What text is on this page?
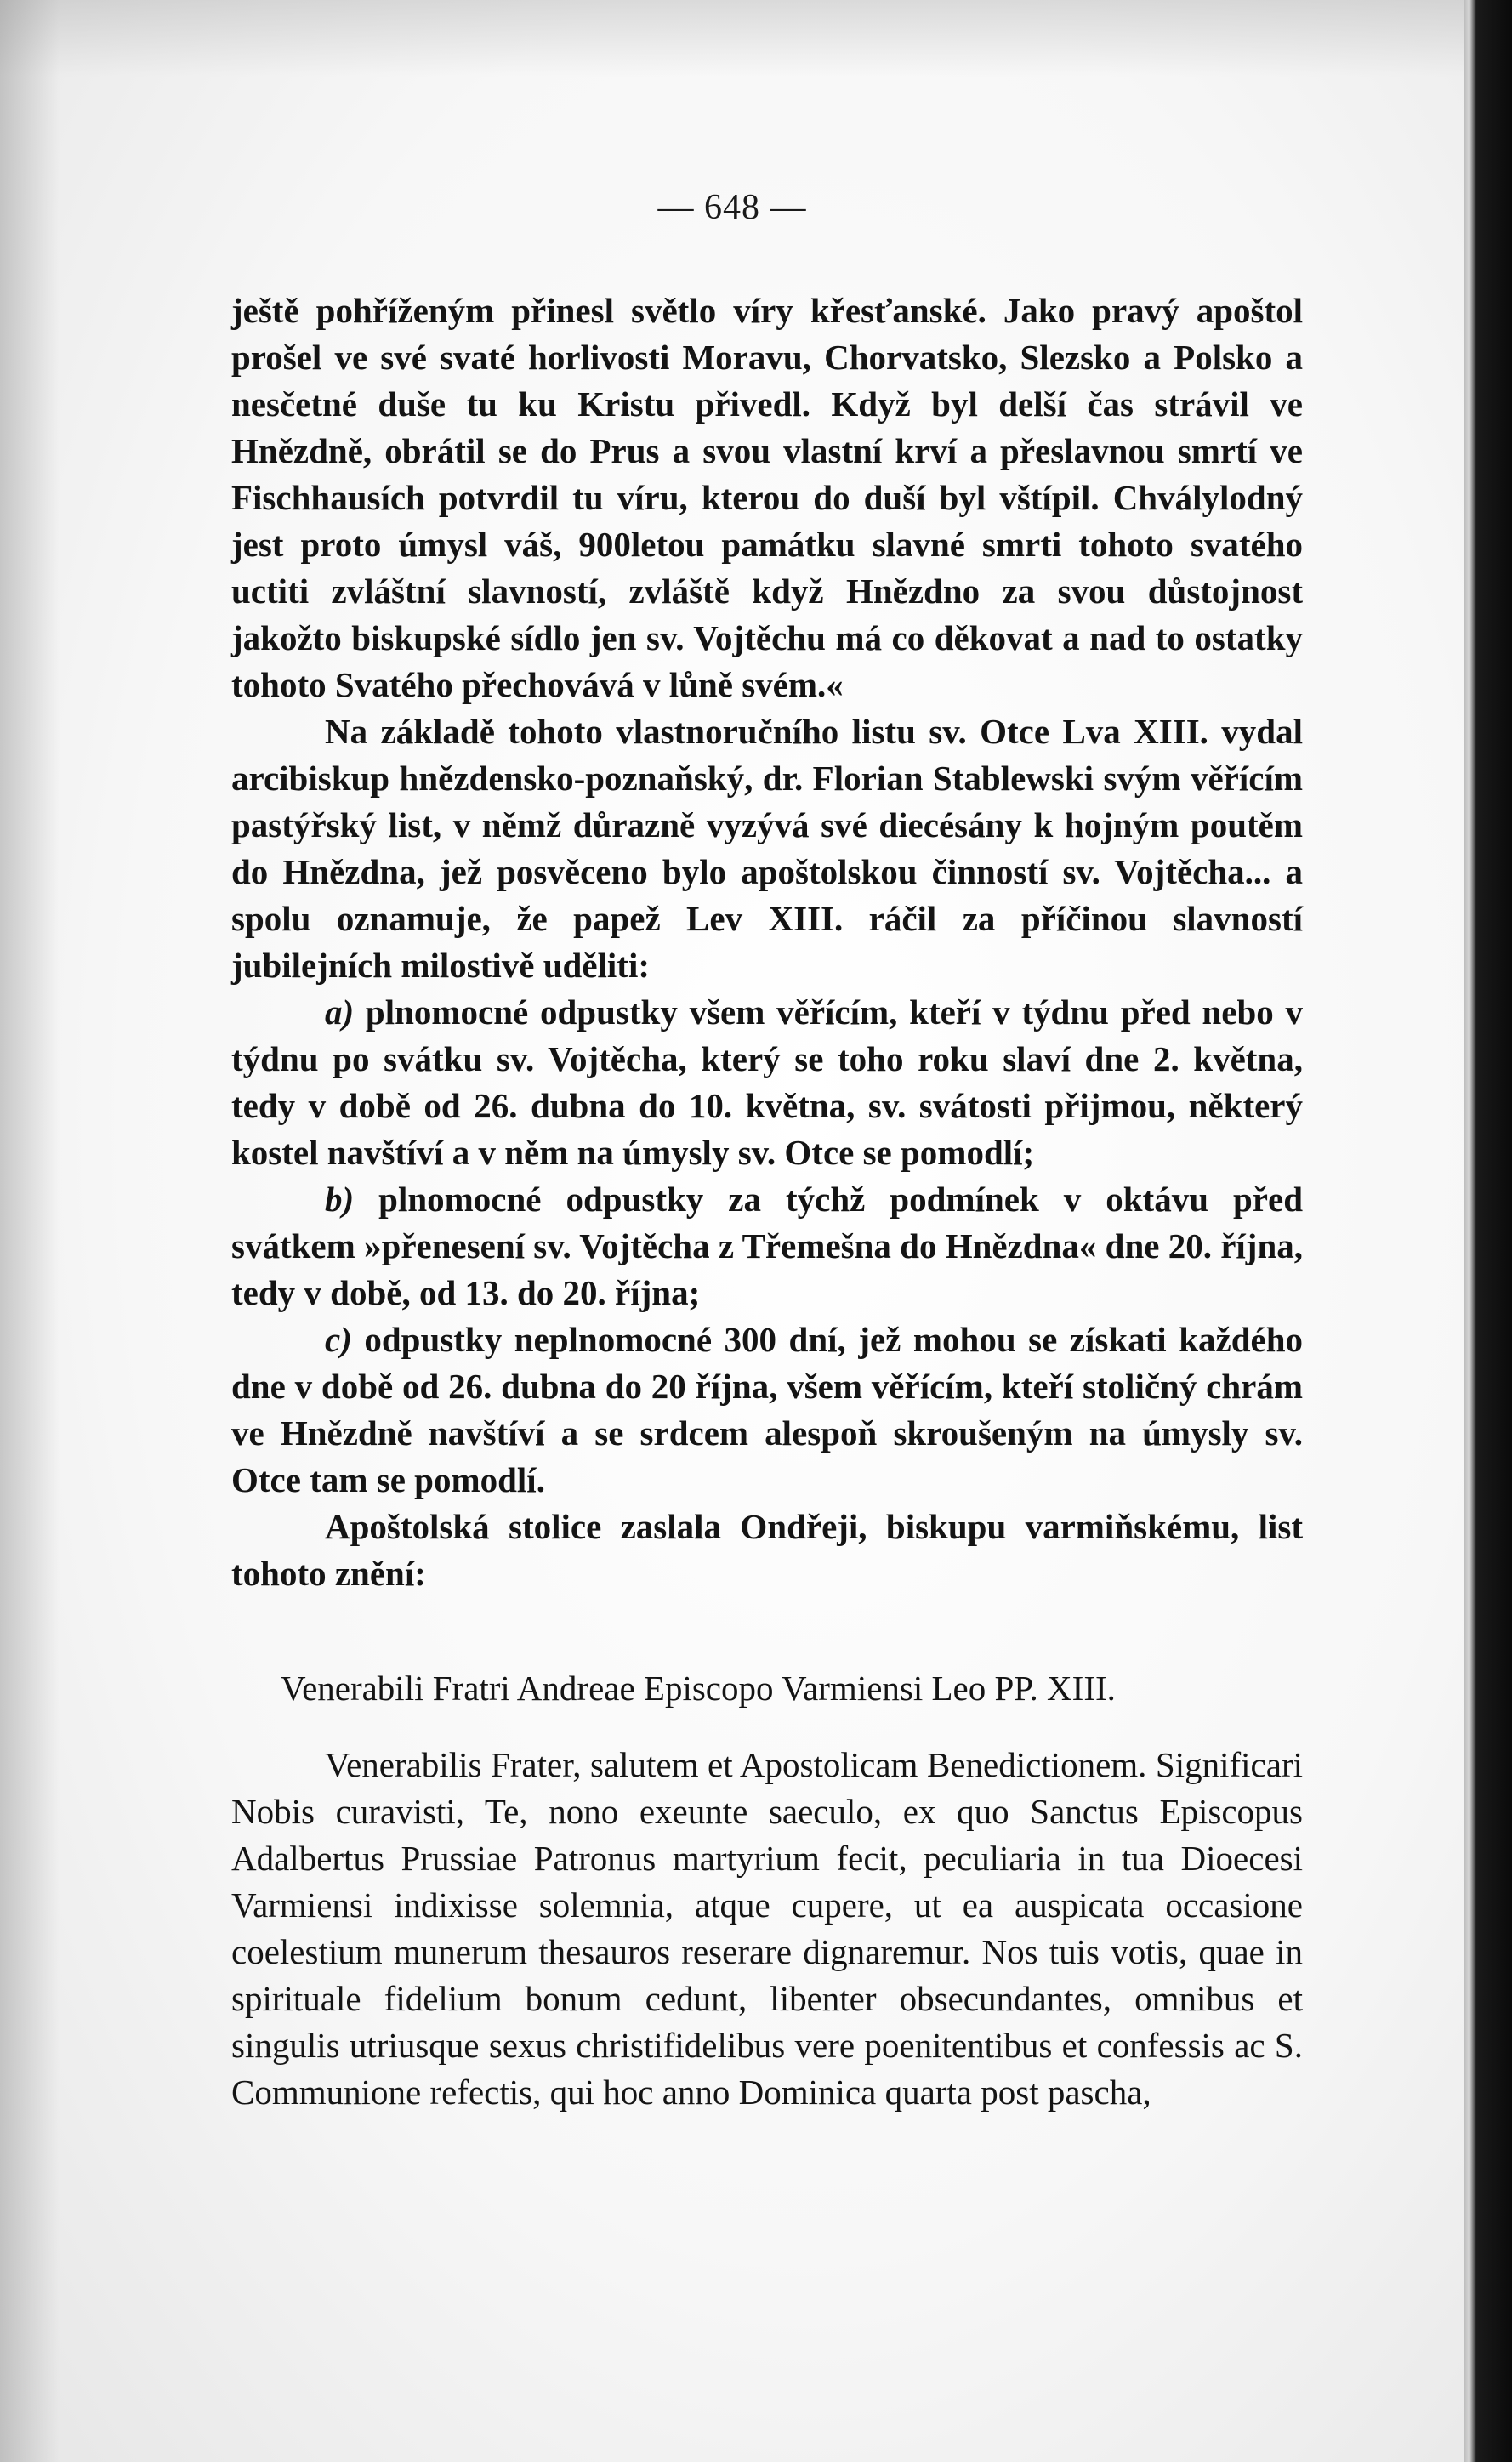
— 648 —

ještě pohříženým přinesl světlo víry křesťanské. Jako pravý apoštol prošel ve své svaté horlivosti Moravu, Chorvatsko, Slezsko a Polsko a nesčetné duše tu ku Kristu přivedl. Když byl delší čas strávil ve Hnězdně, obrátil se do Prus a svou vlastní krví a přeslavnou smrtí ve Fischhausích potvrdil tu víru, kterou do duší byl vštípil. Chválylodný jest proto úmysl váš, 900letou památku slavné smrti tohoto svatého uctiti zvláštní slavností, zvláště když Hnězdno za svou důstojnost jakožto biskupské sídlo jen sv. Vojtěchu má co děkovat a nad to ostatky tohoto Svatého přechovává v lůně svém.«

Na základě tohoto vlastnoručního listu sv. Otce Lva XIII. vydal arcibiskup hnězdensko-poznaňský, dr. Florian Stablewski svým věřícím pastýřský list, v němž důrazně vyzývá své diecésány k hojným poutěm do Hnězdna, jež posvěceno bylo apoštolskou činností sv. Vojtěcha... a spolu oznamuje, že papež Lev XIII. ráčil za příčinou slavností jubilejních milostivě uděliti:

a) plnomocné odpustky všem věřícím, kteří v týdnu před nebo v týdnu po svátku sv. Vojtěcha, který se toho roku slaví dne 2. května, tedy v době od 26. dubna do 10. května, sv. svátosti přijmou, některý kostel navštíví a v něm na úmysly sv. Otce se pomodlí;

b) plnomocné odpustky za týchž podmínek v oktávu před svátkem »přenesení sv. Vojtěcha z Třemešna do Hnězdna« dne 20. října, tedy v době, od 13. do 20. října;

c) odpustky neplnomocné 300 dní, jež mohou se získati každého dne v době od 26. dubna do 20 října, všem věřícím, kteří stoličný chrám ve Hnězdně navštíví a se srdcem alespoň skroušeným na úmysly sv. Otce tam se pomodlí.

Apoštolská stolice zaslala Ondřeji, biskupu varmiňskému, list tohoto znění:

Venerabili Fratri Andreae Episcopo Varmiensi Leo PP. XIII.

Venerabilis Frater, salutem et Apostolicam Benedictionem. Significari Nobis curavisti, Te, nono exeunte saeculo, ex quo Sanctus Episcopus Adalbertus Prussiae Patronus martyrium fecit, peculiaria in tua Dioecesi Varmiensi indixisse solemnia, atque cupere, ut ea auspicata occasione coelestium munerum thesauros reserare dignaremur. Nos tuis votis, quae in spirituale fidelium bonum cedunt, libenter obsecundantes, omnibus et singulis utriusque sexus christifidelibus vere poenitentibus et confessis ac S. Communione refectis, qui hoc anno Dominica quarta post pascha,
